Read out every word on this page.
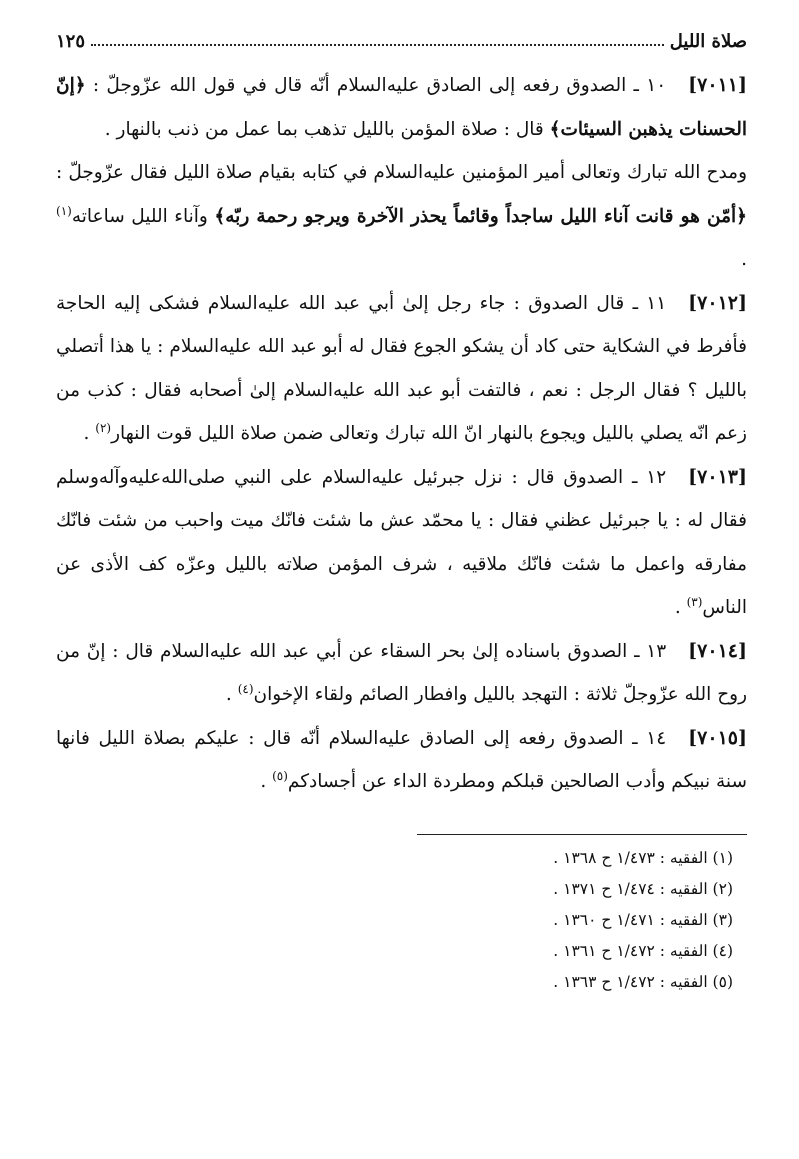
صلاة الليل
١٢٥

[٧٠١١]١٠ ـ الصدوق رفعه إلى الصادق عليه‌السلام أنّه قال في قول الله عزّوجلّ : ﴿إنّ الحسنات يذهبن السيئات﴾ قال : صلاة المؤمن بالليل تذهب بما عمل من ذنب بالنهار .

ومدح الله تبارك وتعالى أمير المؤمنين عليه‌السلام في كتابه بقيام صلاة الليل فقال عزّوجلّ : ﴿أمّن هو قانت آناء الليل ساجداً وقائماً يحذر الآخرة ويرجو رحمة ربّه﴾ وآناء الليل ساعاته$^{(١)}$ .

[٧٠١٢]١١ ـ قال الصدوق : جاء رجل إلىٰ أبي عبد الله عليه‌السلام فشكى إليه الحاجة فأفرط في الشكاية حتى كاد أن يشكو الجوع فقال له أبو عبد الله عليه‌السلام : يا هذا أتصلي بالليل ؟ فقال الرجل : نعم ، فالتفت أبو عبد الله عليه‌السلام إلىٰ أصحابه فقال : كذب من زعم انّه يصلي بالليل ويجوع بالنهار انّ الله تبارك وتعالى ضمن صلاة الليل قوت النهار$^{(٢)}$ .

[٧٠١٣]١٢ ـ الصدوق قال : نزل جبرئيل عليه‌السلام على النبي صلى‌الله‌عليه‌وآله‌وسلم فقال له : يا جبرئيل عظني فقال : يا محمّد عش ما شئت فانّك ميت واحبب من شئت فانّك مفارقه واعمل ما شئت فانّك ملاقيه ، شرف المؤمن صلاته بالليل وعزّه كف الأذى عن الناس$^{(٣)}$ .

[٧٠١٤]١٣ ـ الصدوق باسناده إلىٰ بحر السقاء عن أبي عبد الله عليه‌السلام قال : إنّ من روح الله عزّوجلّ ثلاثة : التهجد بالليل وافطار الصائم ولقاء الإخوان$^{(٤)}$ .

[٧٠١٥]١٤ ـ الصدوق رفعه إلى الصادق عليه‌السلام أنّه قال : عليكم بصلاة الليل فانها سنة نبيكم وأدب الصالحين قبلكم ومطردة الداء عن أجسادكم$^{(٥)}$ .

(١) الفقيه : ١/٤٧٣ ح ١٣٦٨ .
(٢) الفقيه : ١/٤٧٤ ح ١٣٧١ .
(٣) الفقيه : ١/٤٧١ ح ١٣٦٠ .
(٤) الفقيه : ١/٤٧٢ ح ١٣٦١ .
(٥) الفقيه : ١/٤٧٢ ح ١٣٦٣ .
